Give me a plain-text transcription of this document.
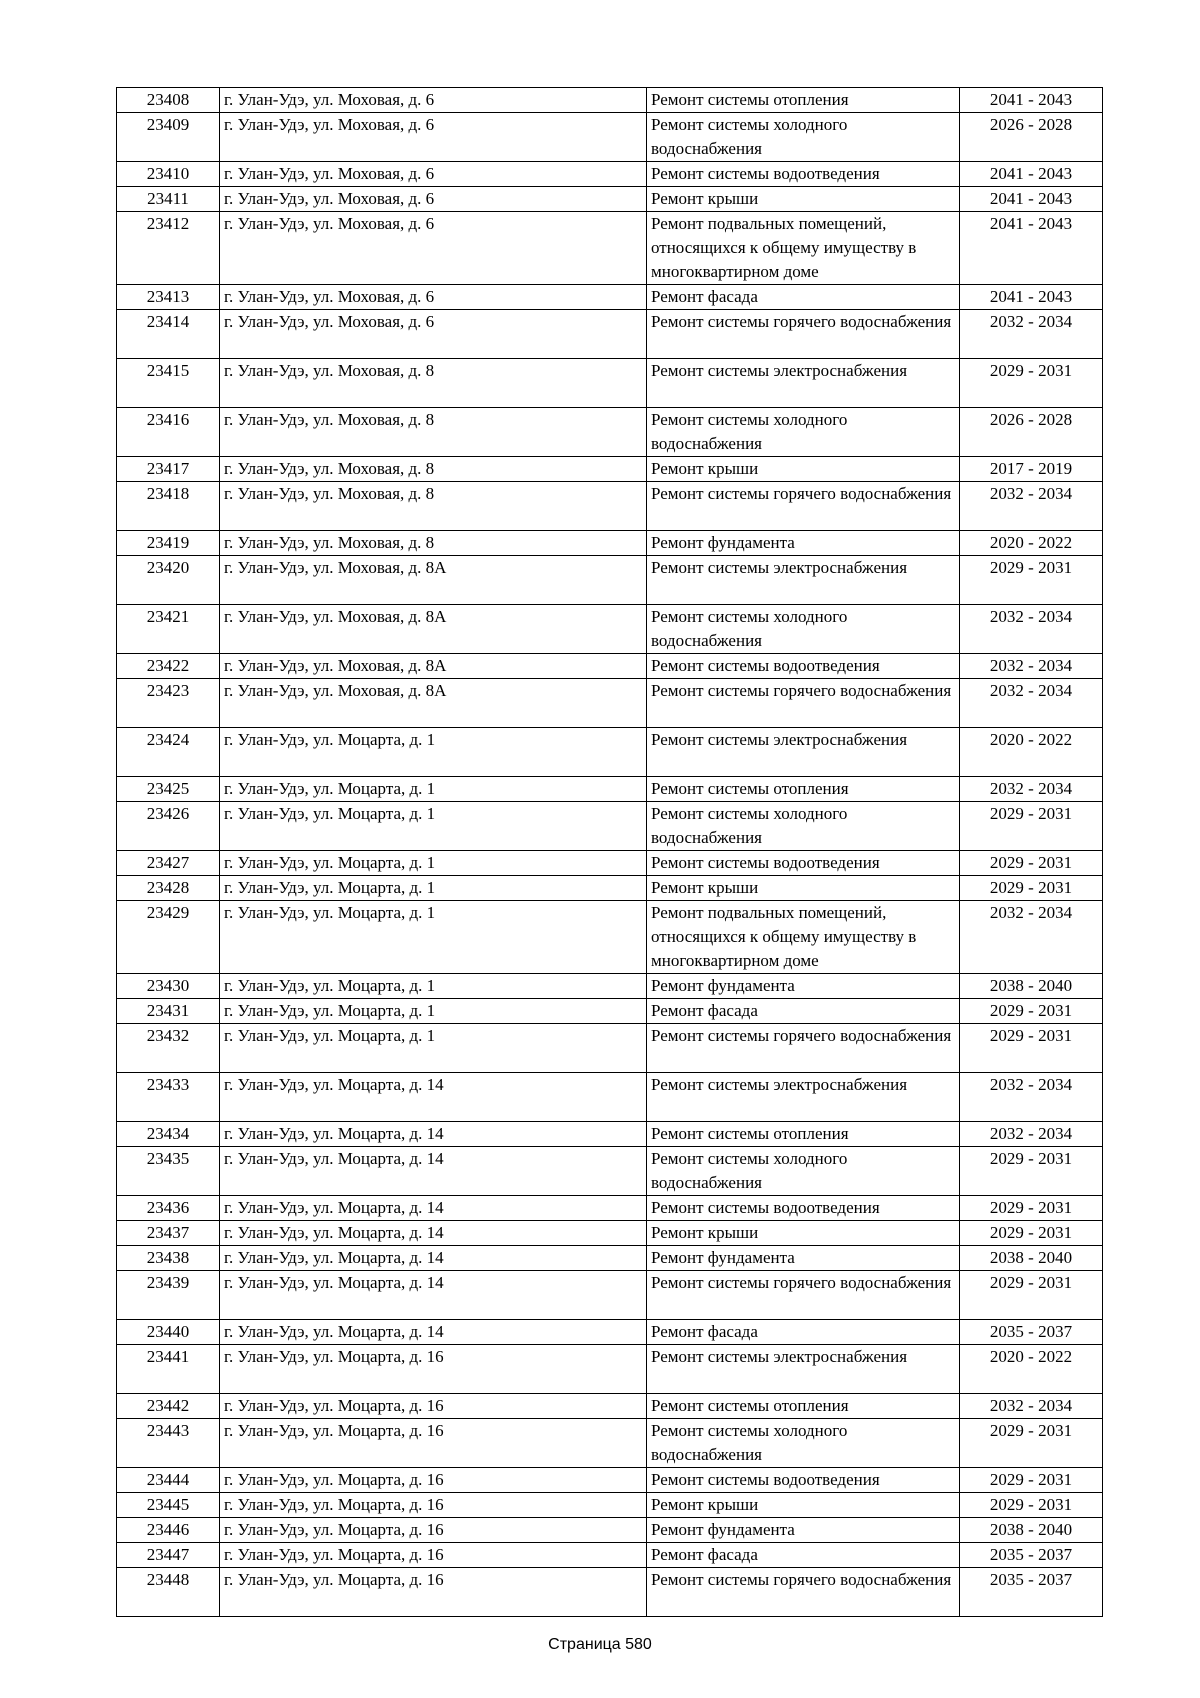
23408	г. Улан-Удэ, ул. Моховая, д. 6	Ремонт системы отопления	2041 - 2043
23409	г. Улан-Удэ, ул. Моховая, д. 6	Ремонт системы холодного водоснабжения	2026 - 2028
23410	г. Улан-Удэ, ул. Моховая, д. 6	Ремонт системы водоотведения	2041 - 2043
23411	г. Улан-Удэ, ул. Моховая, д. 6	Ремонт крыши	2041 - 2043
23412	г. Улан-Удэ, ул. Моховая, д. 6	Ремонт подвальных помещений, относящихся к общему имуществу в многоквартирном доме	2041 - 2043
23413	г. Улан-Удэ, ул. Моховая, д. 6	Ремонт фасада	2041 - 2043
23414	г. Улан-Удэ, ул. Моховая, д. 6	Ремонт системы горячего водоснабжения	2032 - 2034
23415	г. Улан-Удэ, ул. Моховая, д. 8	Ремонт системы электроснабжения	2029 - 2031
23416	г. Улан-Удэ, ул. Моховая, д. 8	Ремонт системы холодного водоснабжения	2026 - 2028
23417	г. Улан-Удэ, ул. Моховая, д. 8	Ремонт крыши	2017 - 2019
23418	г. Улан-Удэ, ул. Моховая, д. 8	Ремонт системы горячего водоснабжения	2032 - 2034
23419	г. Улан-Удэ, ул. Моховая, д. 8	Ремонт фундамента	2020 - 2022
23420	г. Улан-Удэ, ул. Моховая, д. 8А	Ремонт системы электроснабжения	2029 - 2031
23421	г. Улан-Удэ, ул. Моховая, д. 8А	Ремонт системы холодного водоснабжения	2032 - 2034
23422	г. Улан-Удэ, ул. Моховая, д. 8А	Ремонт системы водоотведения	2032 - 2034
23423	г. Улан-Удэ, ул. Моховая, д. 8А	Ремонт системы горячего водоснабжения	2032 - 2034
23424	г. Улан-Удэ, ул. Моцарта, д. 1	Ремонт системы электроснабжения	2020 - 2022
23425	г. Улан-Удэ, ул. Моцарта, д. 1	Ремонт системы отопления	2032 - 2034
23426	г. Улан-Удэ, ул. Моцарта, д. 1	Ремонт системы холодного водоснабжения	2029 - 2031
23427	г. Улан-Удэ, ул. Моцарта, д. 1	Ремонт системы водоотведения	2029 - 2031
23428	г. Улан-Удэ, ул. Моцарта, д. 1	Ремонт крыши	2029 - 2031
23429	г. Улан-Удэ, ул. Моцарта, д. 1	Ремонт подвальных помещений, относящихся к общему имуществу в многоквартирном доме	2032 - 2034
23430	г. Улан-Удэ, ул. Моцарта, д. 1	Ремонт фундамента	2038 - 2040
23431	г. Улан-Удэ, ул. Моцарта, д. 1	Ремонт фасада	2029 - 2031
23432	г. Улан-Удэ, ул. Моцарта, д. 1	Ремонт системы горячего водоснабжения	2029 - 2031
23433	г. Улан-Удэ, ул. Моцарта, д. 14	Ремонт системы электроснабжения	2032 - 2034
23434	г. Улан-Удэ, ул. Моцарта, д. 14	Ремонт системы отопления	2032 - 2034
23435	г. Улан-Удэ, ул. Моцарта, д. 14	Ремонт системы холодного водоснабжения	2029 - 2031
23436	г. Улан-Удэ, ул. Моцарта, д. 14	Ремонт системы водоотведения	2029 - 2031
23437	г. Улан-Удэ, ул. Моцарта, д. 14	Ремонт крыши	2029 - 2031
23438	г. Улан-Удэ, ул. Моцарта, д. 14	Ремонт фундамента	2038 - 2040
23439	г. Улан-Удэ, ул. Моцарта, д. 14	Ремонт системы горячего водоснабжения	2029 - 2031
23440	г. Улан-Удэ, ул. Моцарта, д. 14	Ремонт фасада	2035 - 2037
23441	г. Улан-Удэ, ул. Моцарта, д. 16	Ремонт системы электроснабжения	2020 - 2022
23442	г. Улан-Удэ, ул. Моцарта, д. 16	Ремонт системы отопления	2032 - 2034
23443	г. Улан-Удэ, ул. Моцарта, д. 16	Ремонт системы холодного водоснабжения	2029 - 2031
23444	г. Улан-Удэ, ул. Моцарта, д. 16	Ремонт системы водоотведения	2029 - 2031
23445	г. Улан-Удэ, ул. Моцарта, д. 16	Ремонт крыши	2029 - 2031
23446	г. Улан-Удэ, ул. Моцарта, д. 16	Ремонт фундамента	2038 - 2040
23447	г. Улан-Удэ, ул. Моцарта, д. 16	Ремонт фасада	2035 - 2037
23448	г. Улан-Удэ, ул. Моцарта, д. 16	Ремонт системы горячего водоснабжения	2035 - 2037
Страница 580
